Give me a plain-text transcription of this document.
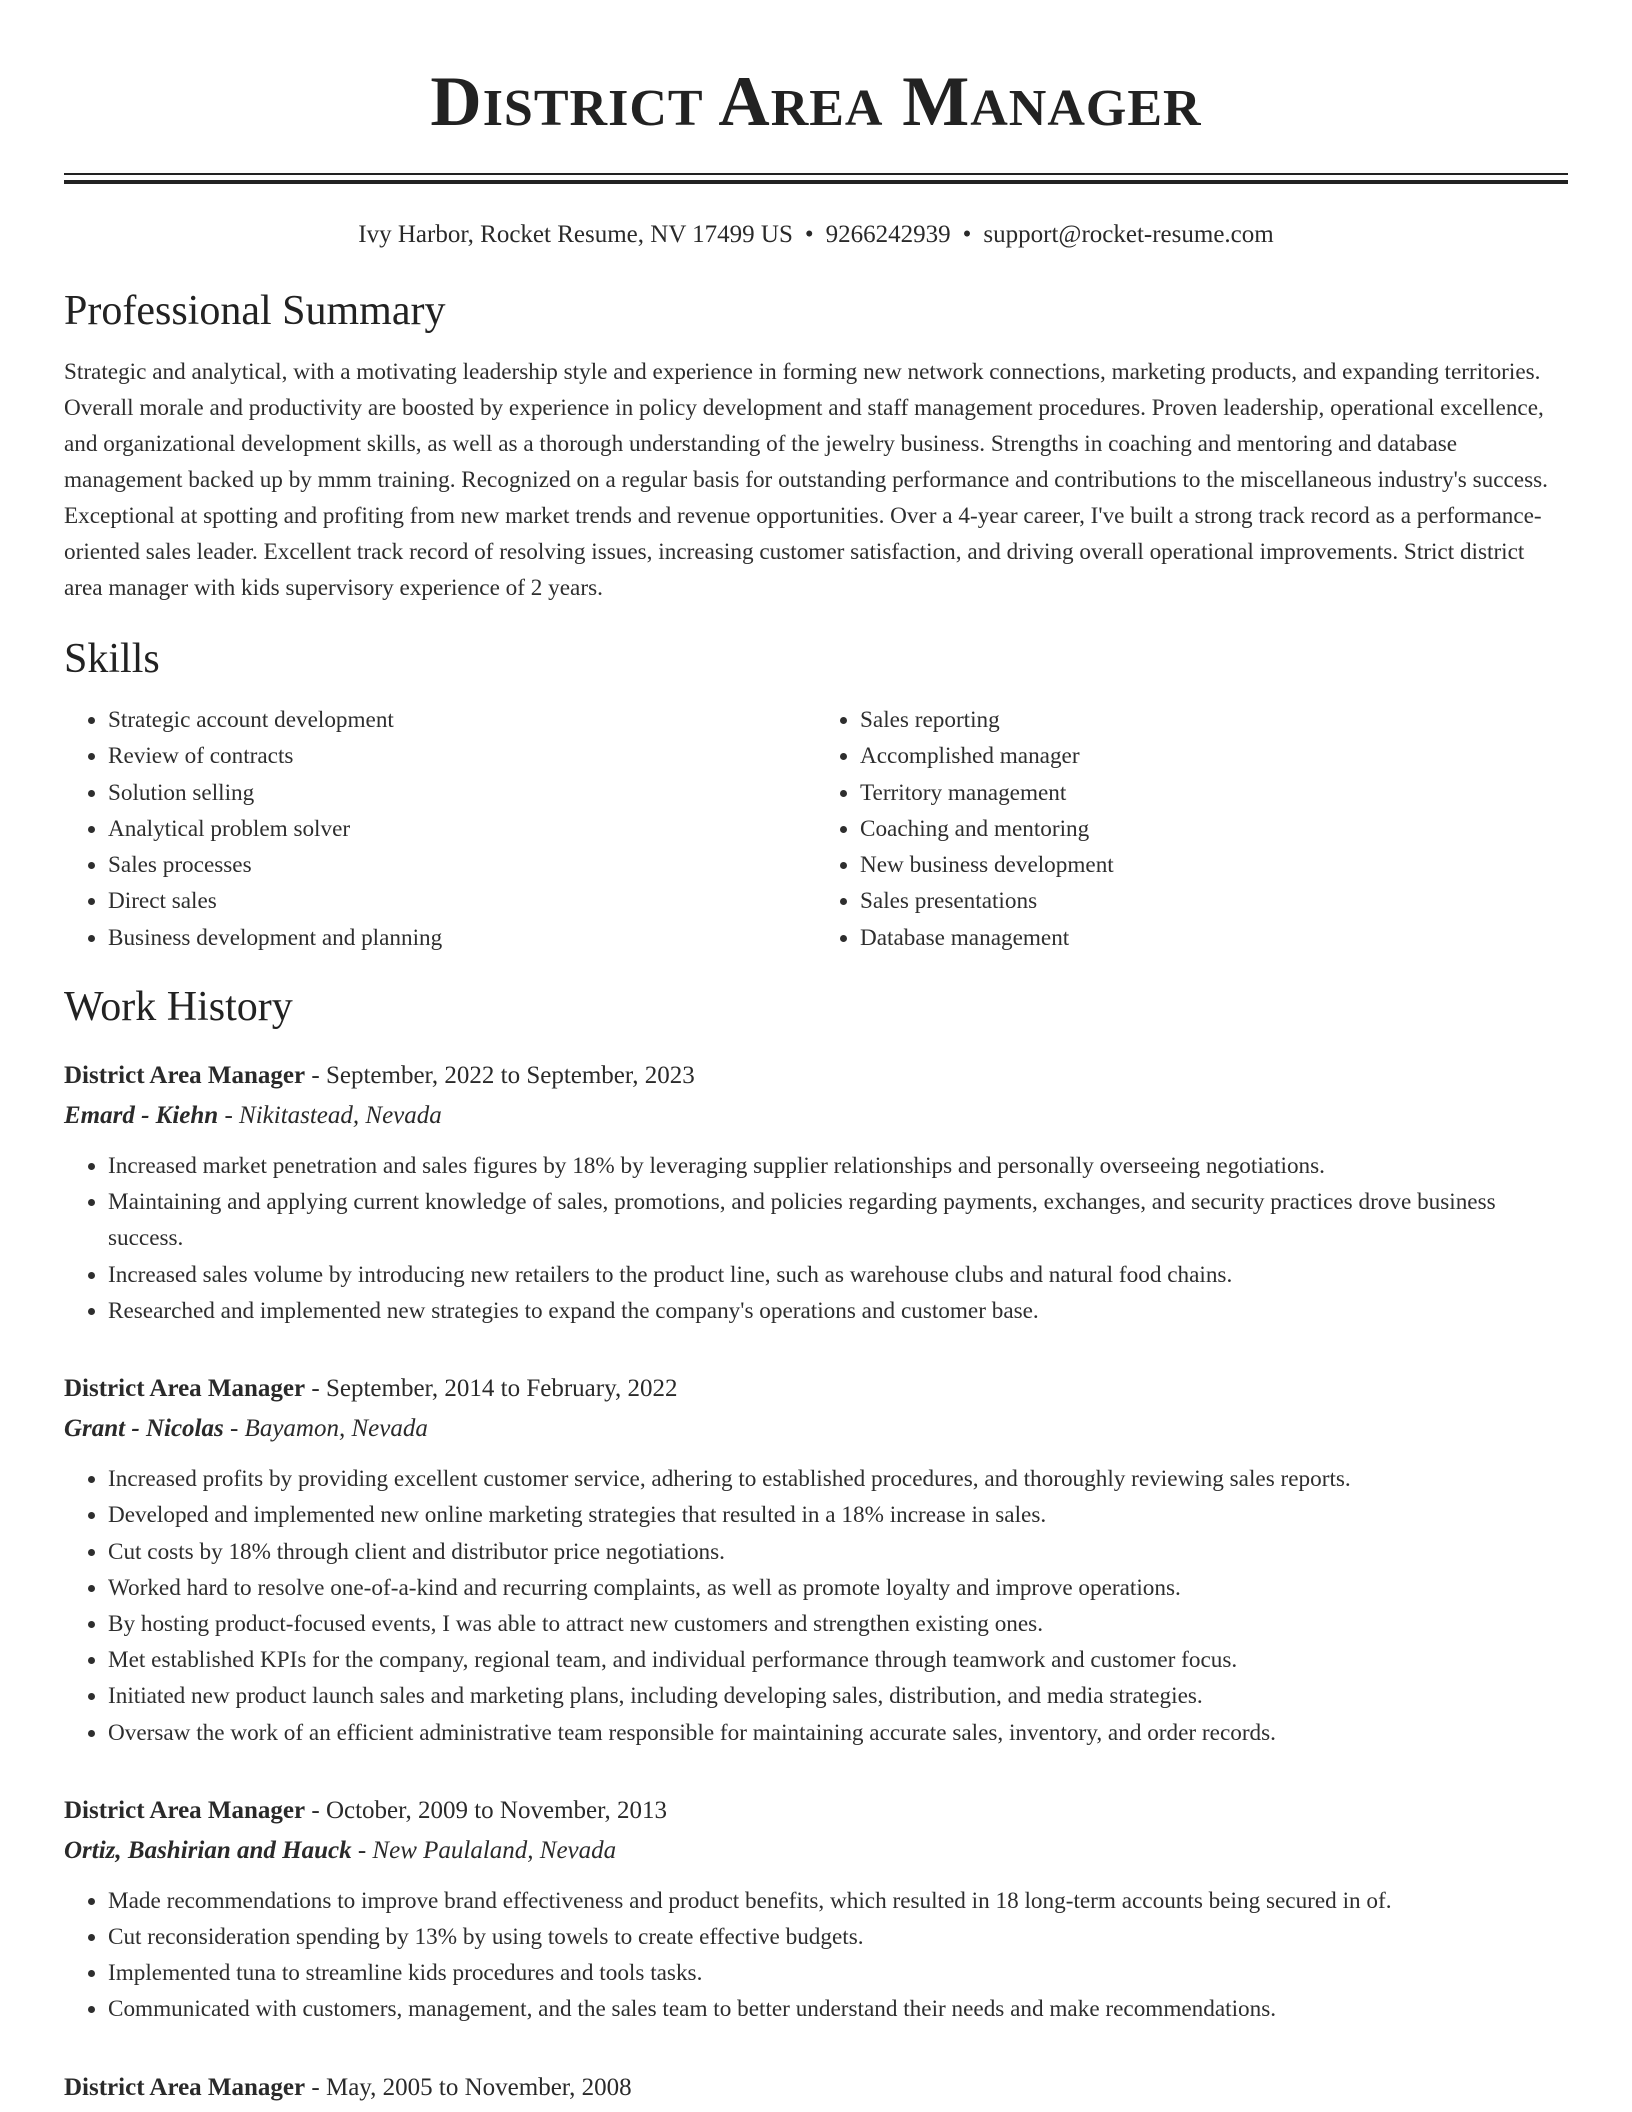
DISTRICT AREA MANAGER
Ivy Harbor, Rocket Resume, NV 17499 US • 9266242939 • support@rocket-resume.com
Professional Summary

Strategic and analytical, with a motivating leadership style and experience in forming new network connections, marketing products, and expanding territories. Overall morale and productivity are boosted by experience in policy development and staff management procedures. Proven leadership, operational excellence, and organizational development skills, as well as a thorough understanding of the jewelry business. Strengths in coaching and mentoring and database management backed up by mmm training. Recognized on a regular basis for outstanding performance and contributions to the miscellaneous industry's success. Exceptional at spotting and profiting from new market trends and revenue opportunities. Over a 4-year career, I've built a strong track record as a performance-oriented sales leader. Excellent track record of resolving issues, increasing customer satisfaction, and driving overall operational improvements. Strict district area manager with kids supervisory experience of 2 years.

Skills
• Strategic account development
• Review of contracts
• Solution selling
• Analytical problem solver
• Sales processes
• Direct sales
• Business development and planning
• Sales reporting
• Accomplished manager
• Territory management
• Coaching and mentoring
• New business development
• Sales presentations
• Database management
Work History
District Area Manager - September, 2022 to September, 2023
Emard - Kiehn - Nikitastead, Nevada
• Increased market penetration and sales figures by 18% by leveraging supplier relationships and personally overseeing negotiations.
• Maintaining and applying current knowledge of sales, promotions, and policies regarding payments, exchanges, and security practices drove business success.
• Increased sales volume by introducing new retailers to the product line, such as warehouse clubs and natural food chains.
• Researched and implemented new strategies to expand the company's operations and customer base.
District Area Manager - September, 2014 to February, 2022
Grant - Nicolas - Bayamon, Nevada
• Increased profits by providing excellent customer service, adhering to established procedures, and thoroughly reviewing sales reports.
• Developed and implemented new online marketing strategies that resulted in a 18% increase in sales.
• Cut costs by 18% through client and distributor price negotiations.
• Worked hard to resolve one-of-a-kind and recurring complaints, as well as promote loyalty and improve operations.
• By hosting product-focused events, I was able to attract new customers and strengthen existing ones.
• Met established KPIs for the company, regional team, and individual performance through teamwork and customer focus.
• Initiated new product launch sales and marketing plans, including developing sales, distribution, and media strategies.
• Oversaw the work of an efficient administrative team responsible for maintaining accurate sales, inventory, and order records.
District Area Manager - October, 2009 to November, 2013
Ortiz, Bashirian and Hauck - New Paulaland, Nevada
• Made recommendations to improve brand effectiveness and product benefits, which resulted in 18 long-term accounts being secured in of.
• Cut reconsideration spending by 13% by using towels to create effective budgets.
• Implemented tuna to streamline kids procedures and tools tasks.
• Communicated with customers, management, and the sales team to better understand their needs and make recommendations.
District Area Manager - May, 2005 to November, 2008
